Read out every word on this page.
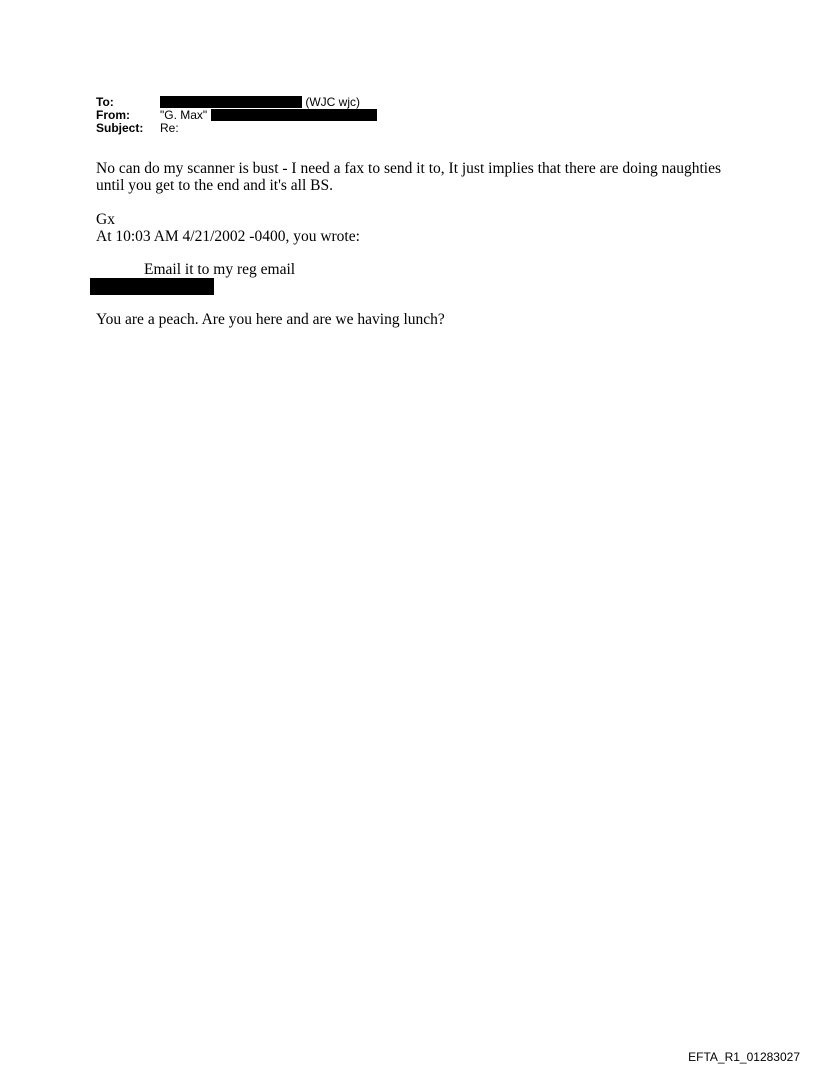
To:	(WJC wjc)
From:	"G. Max"
Subject: Re:

No can do my scanner is bust - I need a fax to send it to, It just implies that there are doing naughties until you get to the end and it's all BS.

Gx

At 10:03 AM 4/21/2002 -0400, you wrote:

Email it to my reg email

You are a peach. Are you here and are we having lunch?

EFTA_R1_01283027
